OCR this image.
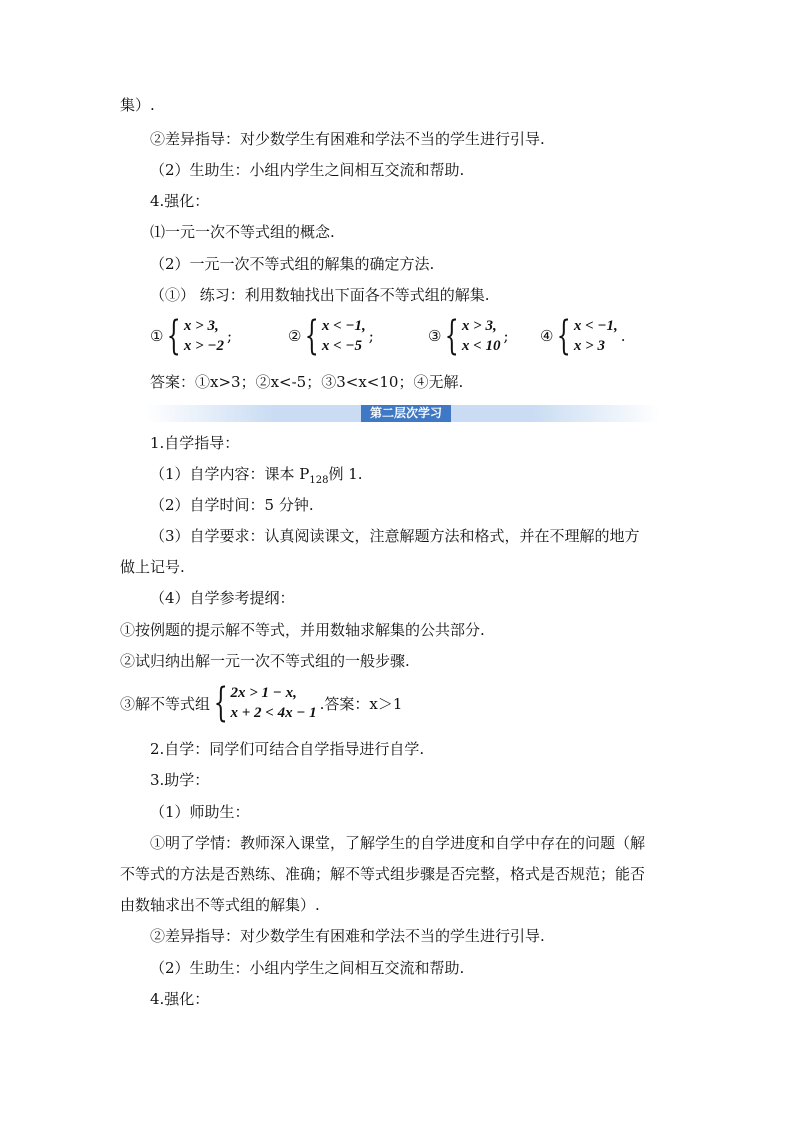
集）.
②差异指导：对少数学生有困难和学法不当的学生进行引导.
（2）生助生：小组内学生之间相互交流和帮助.
4.强化：
⑴一元一次不等式组的概念.
（2）一元一次不等式组的解集的确定方法.
（①） 练习：利用数轴找出下面各不等式组的解集.
① { x > 3,
x > −2
;	② { x < −1,
x < −5
;	③ { x > 3,
x < 10
; ④ { x < −1,
x > 3
.
答案：①x>3；②x<-5；③3<x<10；④无解.
第二层次学习
1.自学指导：
（1）自学内容：课本 $P_{128}$例 1.
（2）自学时间：5 分钟.
（3）自学要求：认真阅读课文，注意解题方法和格式，并在不理解的地方
做上记号.
（4）自学参考提纲：
①按例题的提示解不等式，并用数轴求解集的公共部分.
②试归纳出解一元一次不等式组的一般步骤.
③解不等式组 { 2x > 1 − x,
x + 2 < 4x − 1
.答案：x＞1
2.自学：同学们可结合自学指导进行自学.
3.助学：
（1）师助生：
①明了学情：教师深入课堂，了解学生的自学进度和自学中存在的问题（解
不等式的方法是否熟练、准确；解不等式组步骤是否完整，格式是否规范；能否
由数轴求出不等式组的解集）.
②差异指导：对少数学生有困难和学法不当的学生进行引导.
（2）生助生：小组内学生之间相互交流和帮助.
4.强化：
